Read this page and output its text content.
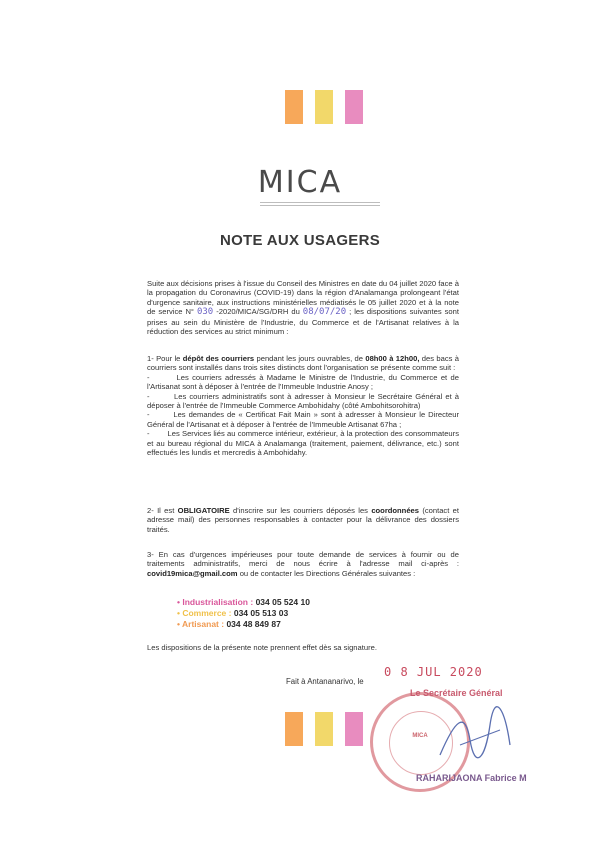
MICA
NOTE AUX USAGERS

Suite aux décisions prises à l'issue du Conseil des Ministres en date du 04 juillet 2020 face à la propagation du Coronavirus (COVID-19) dans la région d'Analamanga prolongeant l'état d'urgence sanitaire, aux instructions ministérielles médiatisés le 05 juillet 2020 et à la note de service N° 030 -2020/MICA/SG/DRH du 08/07/20 ; les dispositions suivantes sont prises au sein du Ministère de l'Industrie, du Commerce et de l'Artisanat relatives à la réduction des services au strict minimum :

1- Pour le dépôt des courriers pendant les jours ouvrables, de 08h00 à 12h00, des bacs à courriers sont installés dans trois sites distincts dont l'organisation se présente comme suit :

-        Les courriers adressés à Madame le Ministre de l'Industrie, du Commerce et de l'Artisanat sont à déposer à l'entrée de l'Immeuble Industrie Anosy ;

-        Les courriers administratifs sont à adresser à Monsieur le Secrétaire Général et à déposer à l'entrée de l'Immeuble Commerce Ambohidahy (côté Ambohitsorohitra)

-        Les demandes de « Certificat Fait Main » sont à adresser à Monsieur le Directeur Général de l'Artisanat et à déposer à l'entrée de l'Immeuble Artisanat 67ha ;

-        Les Services liés au commerce intérieur, extérieur, à la protection des consommateurs et au bureau régional du MICA à Analamanga (traitement, paiement, délivrance, etc.) sont effectués les lundis et mercredis à Ambohidahy.

2- Il est OBLIGATOIRE d'inscrire sur les courriers déposés les coordonnées (contact et adresse mail) des personnes responsables à contacter pour la délivrance des dossiers traités.

3- En cas d'urgences impérieuses pour toute demande de services à fournir ou de traitements administratifs, merci de nous écrire à l'adresse mail ci-après : covid19mica@gmail.com ou de contacter les Directions Générales suivantes :

• Industrialisation : 034 05 524 10
• Commerce : 034 05 513 03
• Artisanat : 034 48 849 87
Les dispositions de la présente note prennent effet dès sa signature.
0 8 JUL 2020
Fait à Antananarivo, le
MICA
Le Secrétaire Général
RAHARIJAONA Fabrice M
